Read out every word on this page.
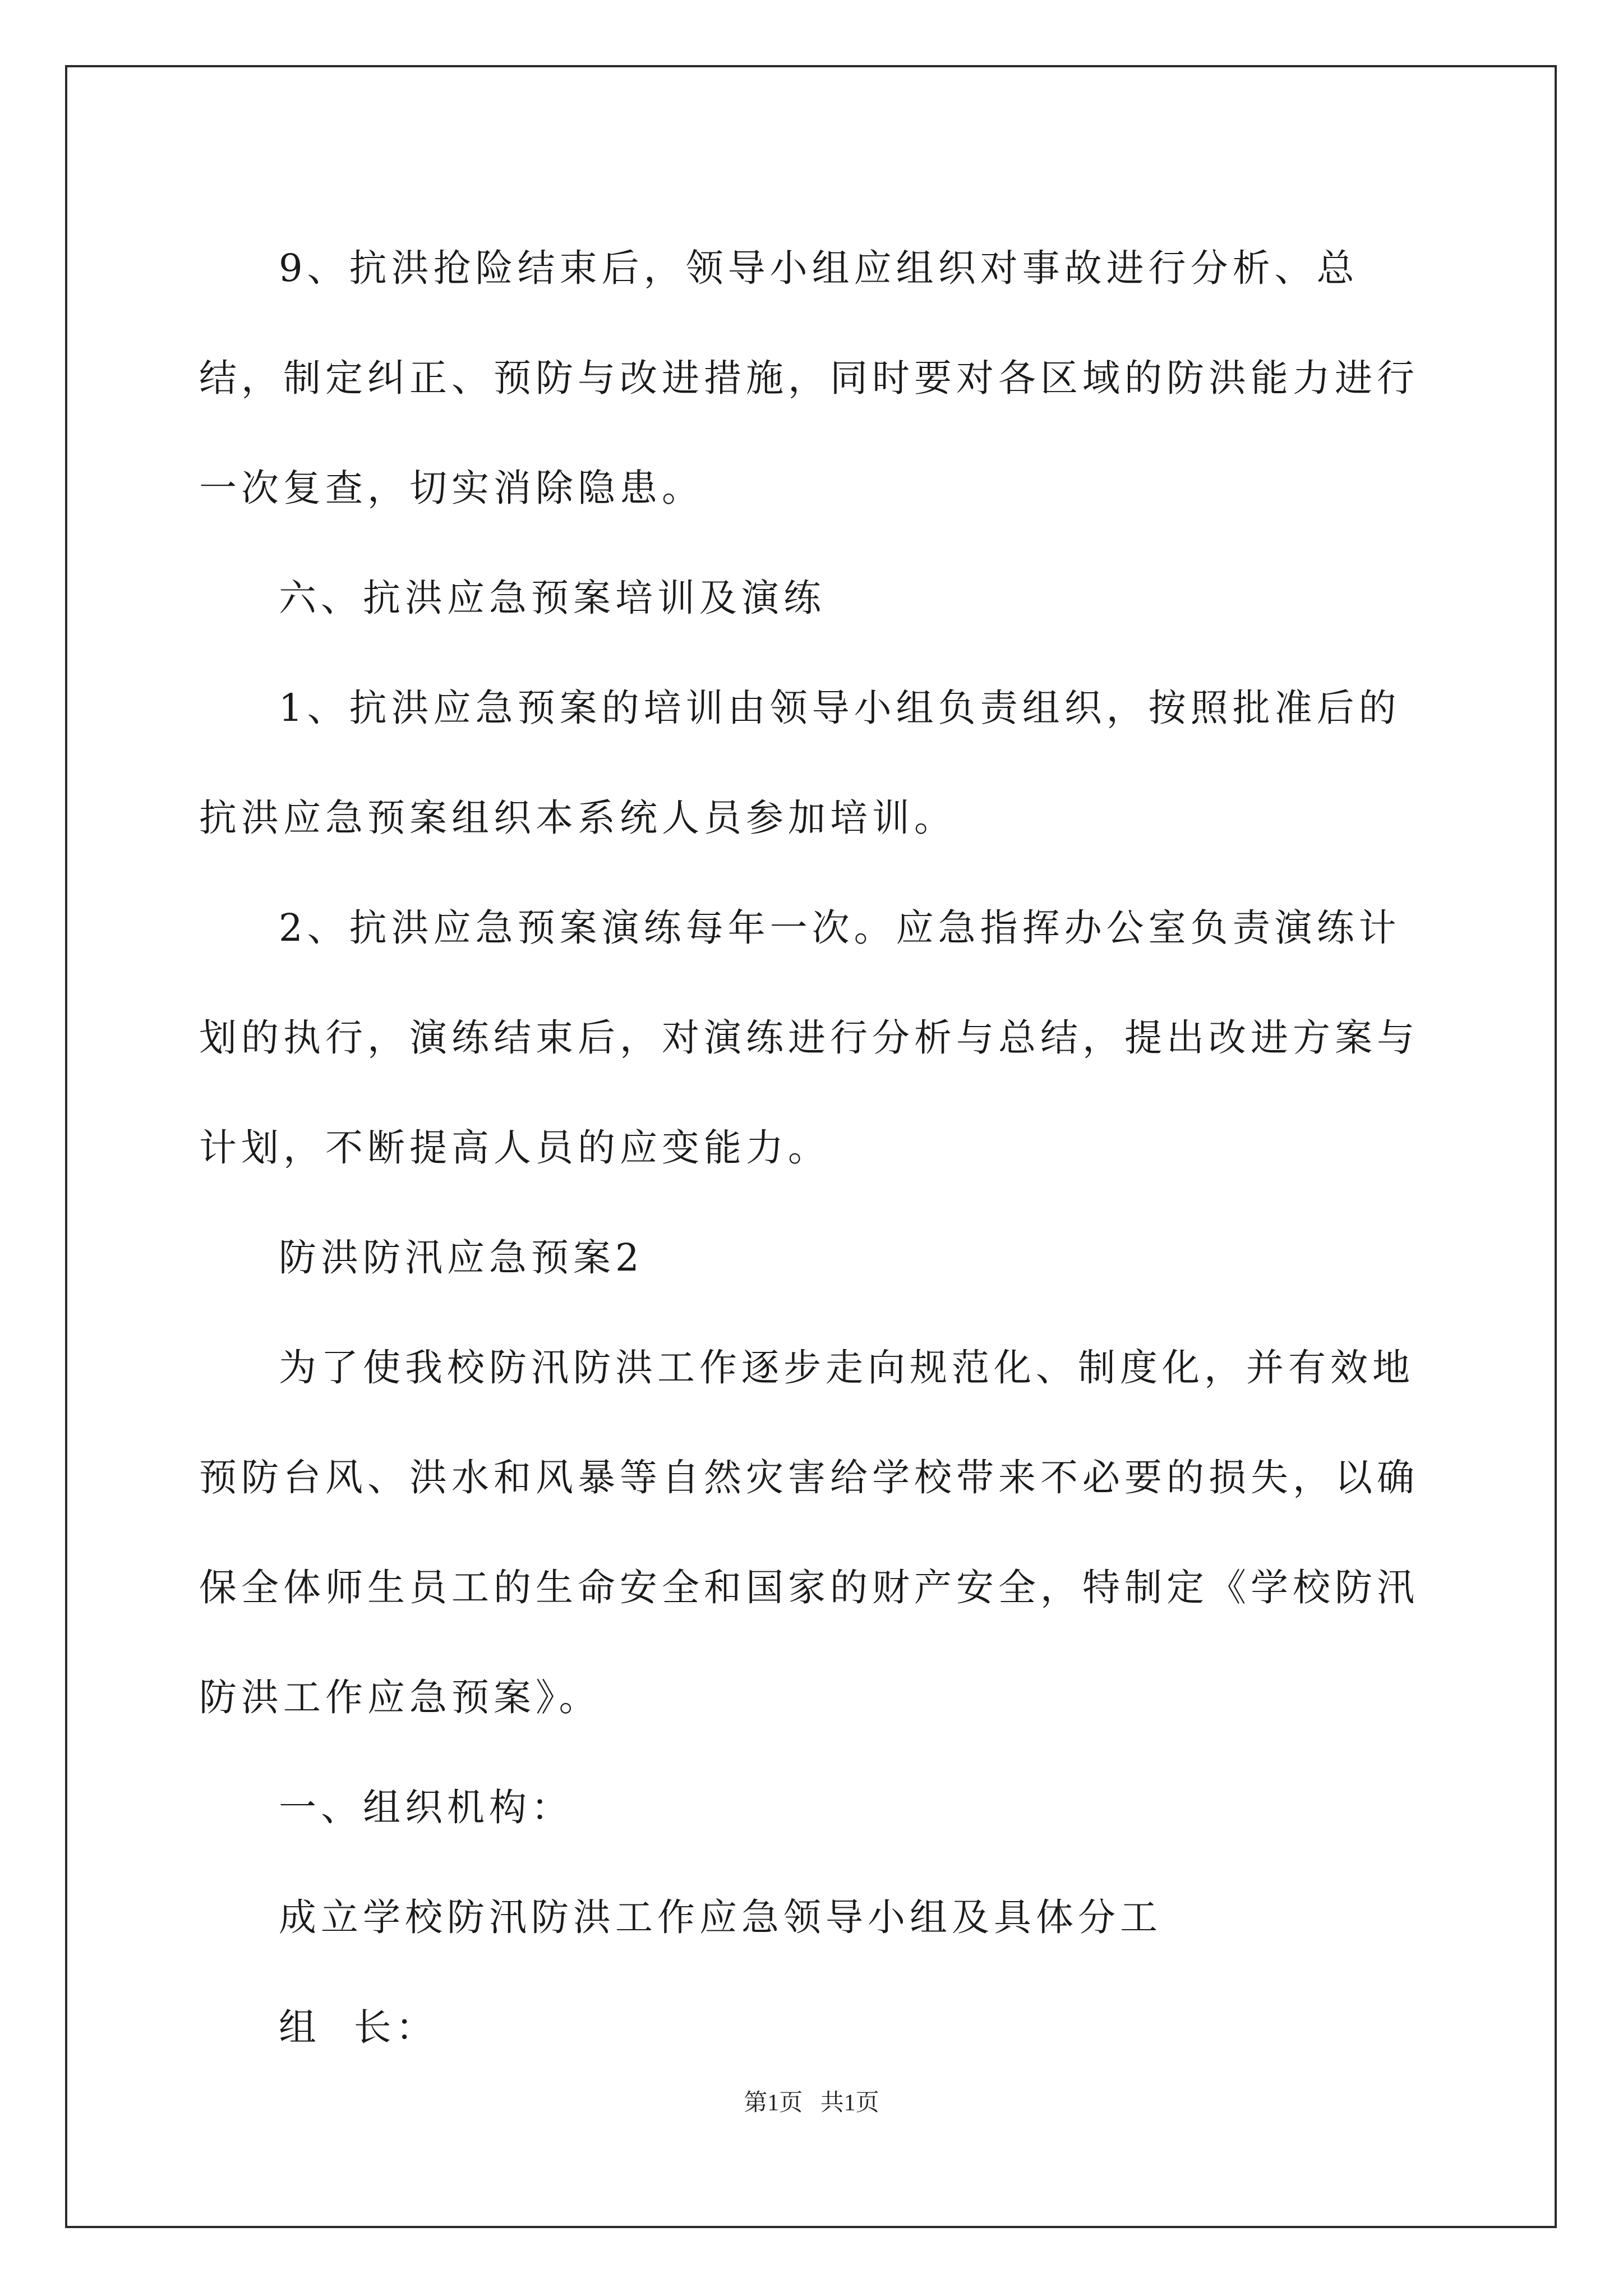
9、抗洪抢险结束后，领导小组应组织对事故进行分析、总结，制定纠正、预防与改进措施，同时要对各区域的防洪能力进行一次复查，切实消除隐患。

六、抗洪应急预案培训及演练

1、抗洪应急预案的培训由领导小组负责组织，按照批准后的抗洪应急预案组织本系统人员参加培训。

2、抗洪应急预案演练每年一次。应急指挥办公室负责演练计划的执行，演练结束后，对演练进行分析与总结，提出改进方案与计划，不断提高人员的应变能力。

防洪防汛应急预案2

为了使我校防汛防洪工作逐步走向规范化、制度化，并有效地预防台风、洪水和风暴等自然灾害给学校带来不必要的损失，以确保全体师生员工的生命安全和国家的财产安全，特制定《学校防汛防洪工作应急预案》。

一、组织机构：

成立学校防汛防洪工作应急领导小组及具体分工

组  长：

第1页   共1页
